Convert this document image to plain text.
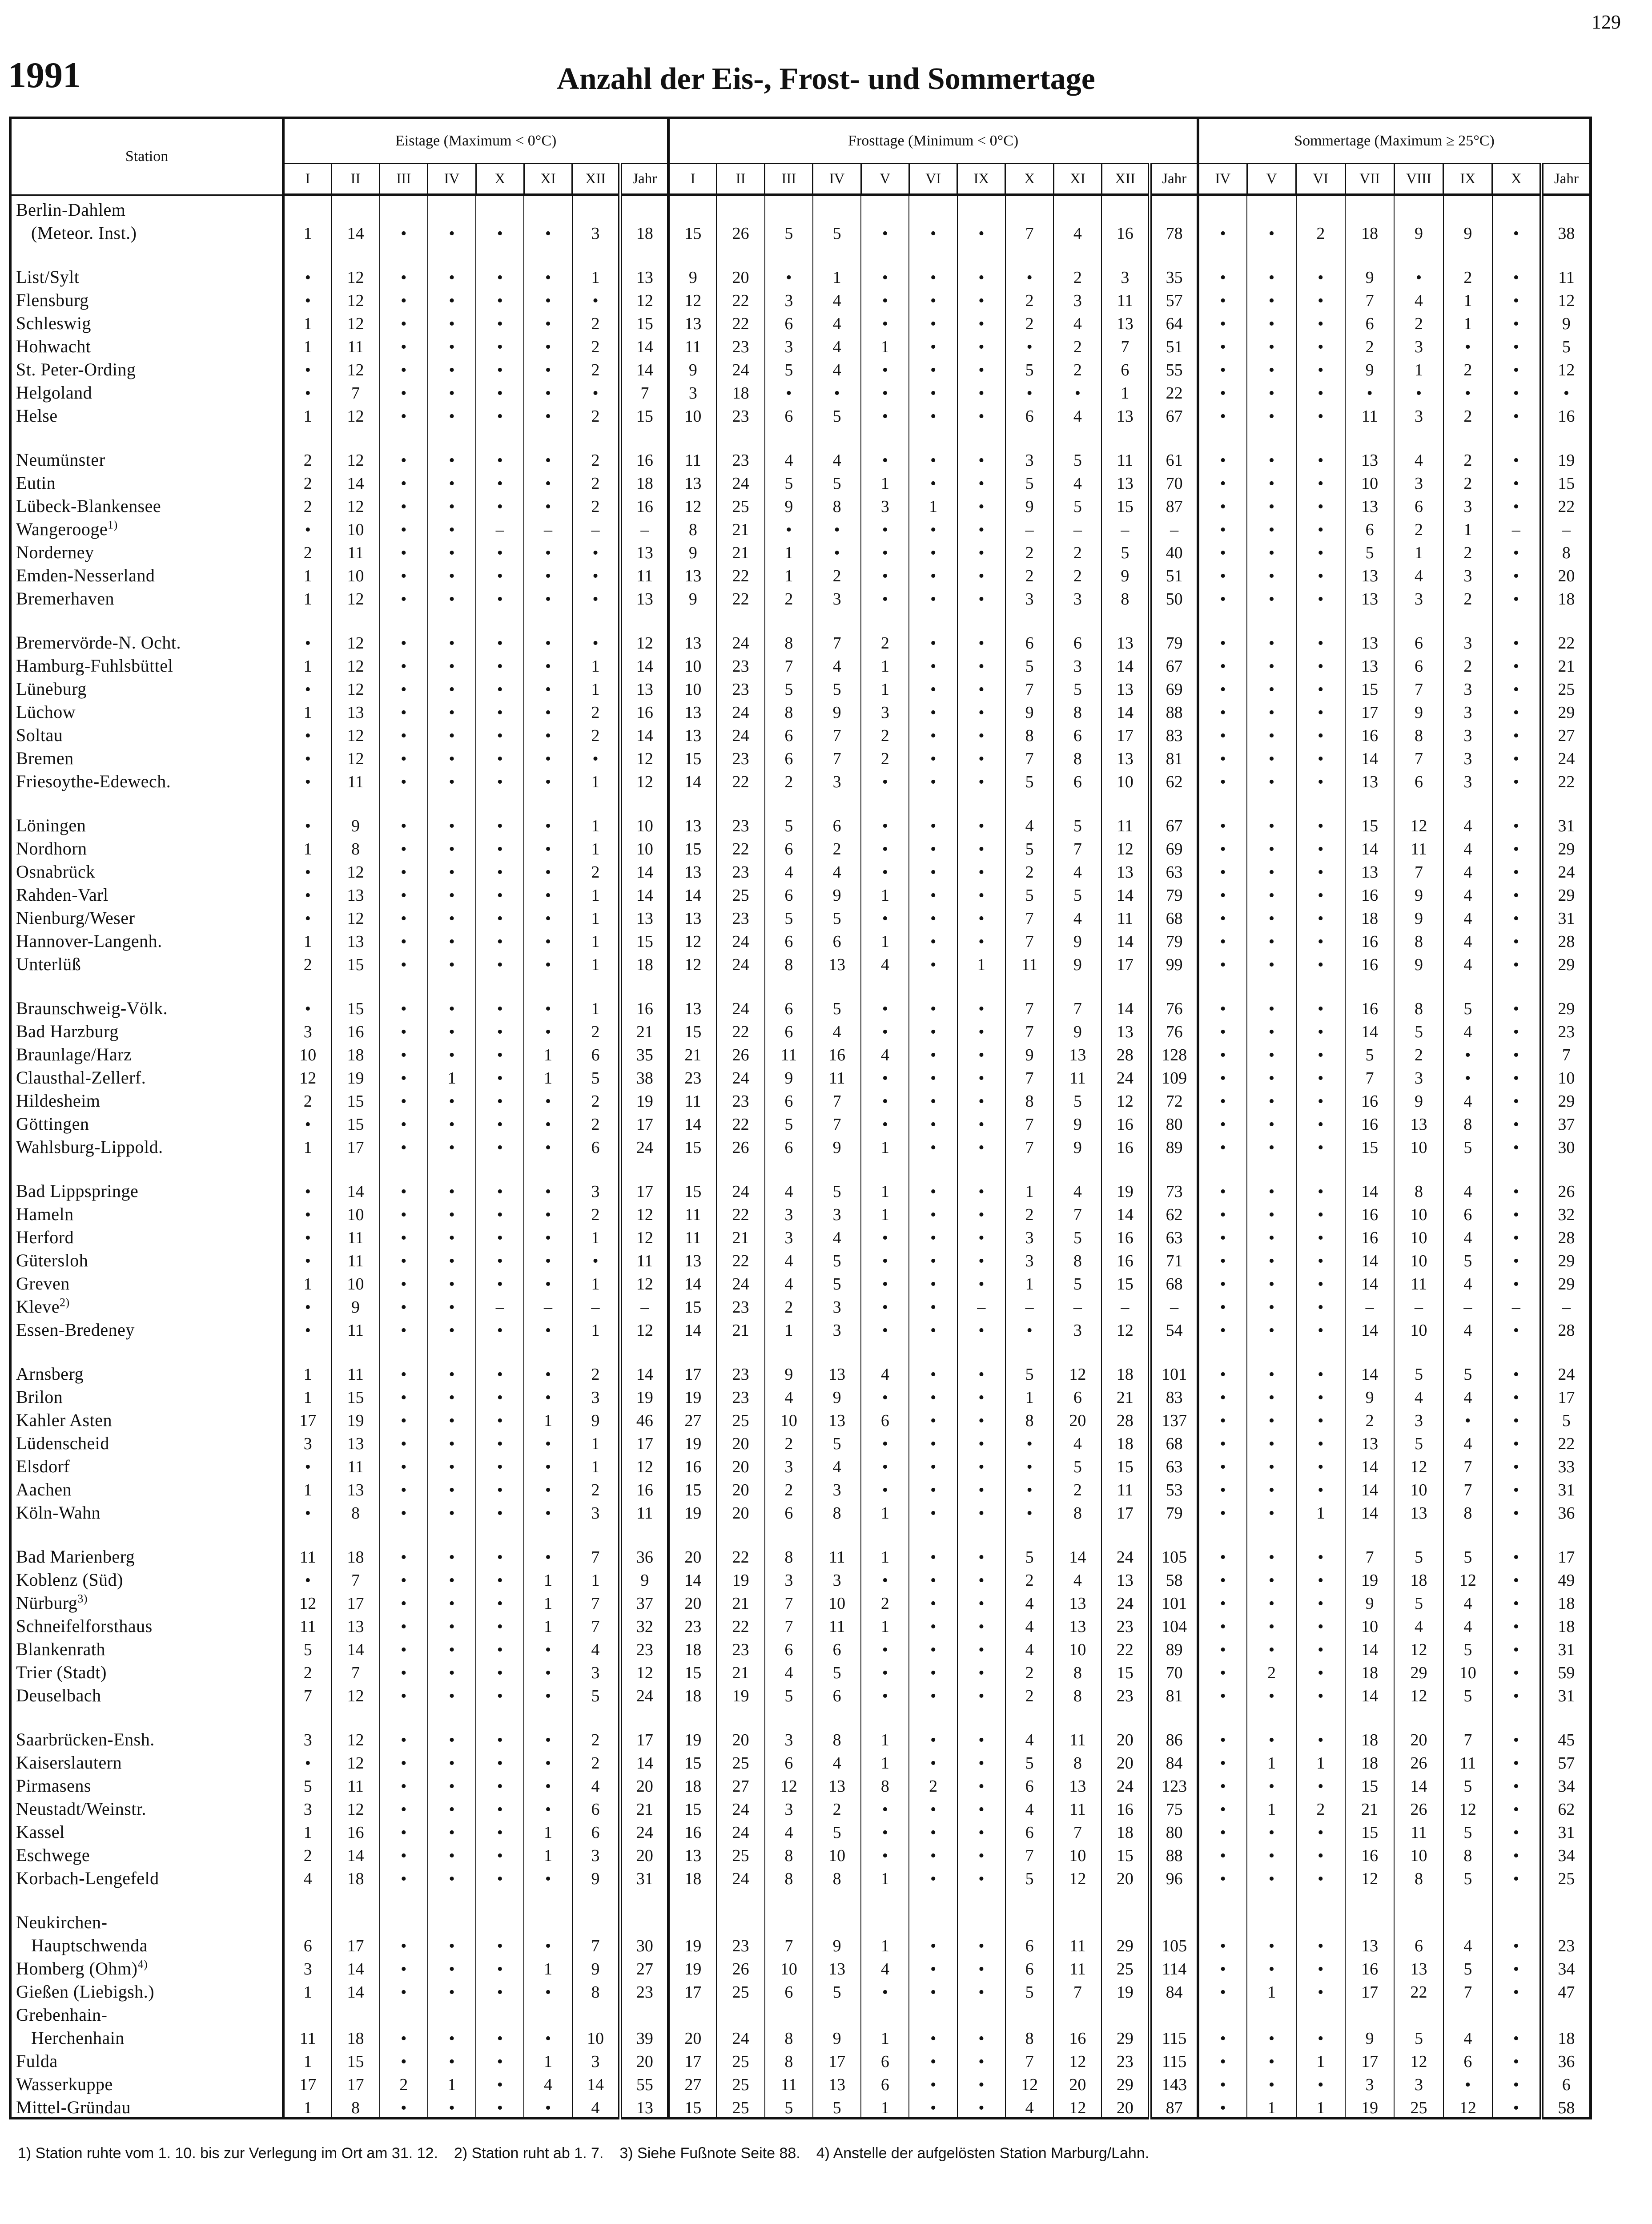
129
1991	Anzahl der Eis-, Frost- und Sommertage
Station	Eistage (Maximum < 0°C)								Frosttage (Minimum < 0°C)											Sommertage (Maximum ≥ 25°C)							
	I	II	III	IV	X	XI	XII	Jahr	I	II	III	IV	V	VI	IX	X	XI	XII	Jahr	IV	V	VI	VII	VIII	IX	X	Jahr
Berlin-Dahlem																											
(Meteor. Inst.)	1	14	•	•	•	•	3	18	15	26	5	5	•	•	•	7	4	16	78	•	•	2	18	9	9	•	38

List/Sylt	•	12	•	•	•	•	1	13	9	20	•	1	•	•	•	•	2	3	35	•	•	•	9	•	2	•	11
Flensburg	•	12	•	•	•	•	•	12	12	22	3	4	•	•	•	2	3	11	57	•	•	•	7	4	1	•	12
Schleswig	1	12	•	•	•	•	2	15	13	22	6	4	•	•	•	2	4	13	64	•	•	•	6	2	1	•	9
Hohwacht	1	11	•	•	•	•	2	14	11	23	3	4	1	•	•	•	2	7	51	•	•	•	2	3	•	•	5
St. Peter-Ording	•	12	•	•	•	•	2	14	9	24	5	4	•	•	•	5	2	6	55	•	•	•	9	1	2	•	12
Helgoland	•	7	•	•	•	•	•	7	3	18	•	•	•	•	•	•	•	1	22	•	•	•	•	•	•	•	•
Helse	1	12	•	•	•	•	2	15	10	23	6	5	•	•	•	6	4	13	67	•	•	•	11	3	2	•	16

Neumünster	2	12	•	•	•	•	2	16	11	23	4	4	•	•	•	3	5	11	61	•	•	•	13	4	2	•	19
Eutin	2	14	•	•	•	•	2	18	13	24	5	5	1	•	•	5	4	13	70	•	•	•	10	3	2	•	15
Lübeck-Blankensee	2	12	•	•	•	•	2	16	12	25	9	8	3	1	•	9	5	15	87	•	•	•	13	6	3	•	22
Wangerooge$^{1)}$	•	10	•	•	–	–	–	–	8	21	•	•	•	•	•	–	–	–	–	•	•	•	6	2	1	–	–
Norderney	2	11	•	•	•	•	•	13	9	21	1	•	•	•	•	2	2	5	40	•	•	•	5	1	2	•	8
Emden-Nesserland	1	10	•	•	•	•	•	11	13	22	1	2	•	•	•	2	2	9	51	•	•	•	13	4	3	•	20
Bremerhaven	1	12	•	•	•	•	•	13	9	22	2	3	•	•	•	3	3	8	50	•	•	•	13	3	2	•	18

Bremervörde-N. Ocht.	•	12	•	•	•	•	•	12	13	24	8	7	2	•	•	6	6	13	79	•	•	•	13	6	3	•	22
Hamburg-Fuhlsbüttel	1	12	•	•	•	•	1	14	10	23	7	4	1	•	•	5	3	14	67	•	•	•	13	6	2	•	21
Lüneburg	•	12	•	•	•	•	1	13	10	23	5	5	1	•	•	7	5	13	69	•	•	•	15	7	3	•	25
Lüchow	1	13	•	•	•	•	2	16	13	24	8	9	3	•	•	9	8	14	88	•	•	•	17	9	3	•	29
Soltau	•	12	•	•	•	•	2	14	13	24	6	7	2	•	•	8	6	17	83	•	•	•	16	8	3	•	27
Bremen	•	12	•	•	•	•	•	12	15	23	6	7	2	•	•	7	8	13	81	•	•	•	14	7	3	•	24
Friesoythe-Edewech.	•	11	•	•	•	•	1	12	14	22	2	3	•	•	•	5	6	10	62	•	•	•	13	6	3	•	22

Löningen	•	9	•	•	•	•	1	10	13	23	5	6	•	•	•	4	5	11	67	•	•	•	15	12	4	•	31
Nordhorn	1	8	•	•	•	•	1	10	15	22	6	2	•	•	•	5	7	12	69	•	•	•	14	11	4	•	29
Osnabrück	•	12	•	•	•	•	2	14	13	23	4	4	•	•	•	2	4	13	63	•	•	•	13	7	4	•	24
Rahden-Varl	•	13	•	•	•	•	1	14	14	25	6	9	1	•	•	5	5	14	79	•	•	•	16	9	4	•	29
Nienburg/Weser	•	12	•	•	•	•	1	13	13	23	5	5	•	•	•	7	4	11	68	•	•	•	18	9	4	•	31
Hannover-Langenh.	1	13	•	•	•	•	1	15	12	24	6	6	1	•	•	7	9	14	79	•	•	•	16	8	4	•	28
Unterlüß	2	15	•	•	•	•	1	18	12	24	8	13	4	•	1	11	9	17	99	•	•	•	16	9	4	•	29

Braunschweig-Völk.	•	15	•	•	•	•	1	16	13	24	6	5	•	•	•	7	7	14	76	•	•	•	16	8	5	•	29
Bad Harzburg	3	16	•	•	•	•	2	21	15	22	6	4	•	•	•	7	9	13	76	•	•	•	14	5	4	•	23
Braunlage/Harz	10	18	•	•	•	1	6	35	21	26	11	16	4	•	•	9	13	28	128	•	•	•	5	2	•	•	7
Clausthal-Zellerf.	12	19	•	1	•	1	5	38	23	24	9	11	•	•	•	7	11	24	109	•	•	•	7	3	•	•	10
Hildesheim	2	15	•	•	•	•	2	19	11	23	6	7	•	•	•	8	5	12	72	•	•	•	16	9	4	•	29
Göttingen	•	15	•	•	•	•	2	17	14	22	5	7	•	•	•	7	9	16	80	•	•	•	16	13	8	•	37
Wahlsburg-Lippold.	1	17	•	•	•	•	6	24	15	26	6	9	1	•	•	7	9	16	89	•	•	•	15	10	5	•	30

Bad Lippspringe	•	14	•	•	•	•	3	17	15	24	4	5	1	•	•	1	4	19	73	•	•	•	14	8	4	•	26
Hameln	•	10	•	•	•	•	2	12	11	22	3	3	1	•	•	2	7	14	62	•	•	•	16	10	6	•	32
Herford	•	11	•	•	•	•	1	12	11	21	3	4	•	•	•	3	5	16	63	•	•	•	16	10	4	•	28
Gütersloh	•	11	•	•	•	•	•	11	13	22	4	5	•	•	•	3	8	16	71	•	•	•	14	10	5	•	29
Greven	1	10	•	•	•	•	1	12	14	24	4	5	•	•	•	1	5	15	68	•	•	•	14	11	4	•	29
Kleve$^{2)}$	•	9	•	•	–	–	–	–	15	23	2	3	•	•	–	–	–	–	–	•	•	•	–	–	–	–	–
Essen-Bredeney	•	11	•	•	•	•	1	12	14	21	1	3	•	•	•	•	3	12	54	•	•	•	14	10	4	•	28

Arnsberg	1	11	•	•	•	•	2	14	17	23	9	13	4	•	•	5	12	18	101	•	•	•	14	5	5	•	24
Brilon	1	15	•	•	•	•	3	19	19	23	4	9	•	•	•	1	6	21	83	•	•	•	9	4	4	•	17
Kahler Asten	17	19	•	•	•	1	9	46	27	25	10	13	6	•	•	8	20	28	137	•	•	•	2	3	•	•	5
Lüdenscheid	3	13	•	•	•	•	1	17	19	20	2	5	•	•	•	•	4	18	68	•	•	•	13	5	4	•	22
Elsdorf	•	11	•	•	•	•	1	12	16	20	3	4	•	•	•	•	5	15	63	•	•	•	14	12	7	•	33
Aachen	1	13	•	•	•	•	2	16	15	20	2	3	•	•	•	•	2	11	53	•	•	•	14	10	7	•	31
Köln-Wahn	•	8	•	•	•	•	3	11	19	20	6	8	1	•	•	•	8	17	79	•	•	1	14	13	8	•	36

Bad Marienberg	11	18	•	•	•	•	7	36	20	22	8	11	1	•	•	5	14	24	105	•	•	•	7	5	5	•	17
Koblenz (Süd)	•	7	•	•	•	1	1	9	14	19	3	3	•	•	•	2	4	13	58	•	•	•	19	18	12	•	49
Nürburg$^{3)}$	12	17	•	•	•	1	7	37	20	21	7	10	2	•	•	4	13	24	101	•	•	•	9	5	4	•	18
Schneifelforsthaus	11	13	•	•	•	1	7	32	23	22	7	11	1	•	•	4	13	23	104	•	•	•	10	4	4	•	18
Blankenrath	5	14	•	•	•	•	4	23	18	23	6	6	•	•	•	4	10	22	89	•	•	•	14	12	5	•	31
Trier (Stadt)	2	7	•	•	•	•	3	12	15	21	4	5	•	•	•	2	8	15	70	•	2	•	18	29	10	•	59
Deuselbach	7	12	•	•	•	•	5	24	18	19	5	6	•	•	•	2	8	23	81	•	•	•	14	12	5	•	31

Saarbrücken-Ensh.	3	12	•	•	•	•	2	17	19	20	3	8	1	•	•	4	11	20	86	•	•	•	18	20	7	•	45
Kaiserslautern	•	12	•	•	•	•	2	14	15	25	6	4	1	•	•	5	8	20	84	•	1	1	18	26	11	•	57
Pirmasens	5	11	•	•	•	•	4	20	18	27	12	13	8	2	•	6	13	24	123	•	•	•	15	14	5	•	34
Neustadt/Weinstr.	3	12	•	•	•	•	6	21	15	24	3	2	•	•	•	4	11	16	75	•	1	2	21	26	12	•	62
Kassel	1	16	•	•	•	1	6	24	16	24	4	5	•	•	•	6	7	18	80	•	•	•	15	11	5	•	31
Eschwege	2	14	•	•	•	1	3	20	13	25	8	10	•	•	•	7	10	15	88	•	•	•	16	10	8	•	34
Korbach-Lengefeld	4	18	•	•	•	•	9	31	18	24	8	8	1	•	•	5	12	20	96	•	•	•	12	8	5	•	25

Neukirchen-																											
Hauptschwenda	6	17	•	•	•	•	7	30	19	23	7	9	1	•	•	6	11	29	105	•	•	•	13	6	4	•	23
Homberg (Ohm)$^{4)}$	3	14	•	•	•	1	9	27	19	26	10	13	4	•	•	6	11	25	114	•	•	•	16	13	5	•	34
Gießen (Liebigsh.)	1	14	•	•	•	•	8	23	17	25	6	5	•	•	•	5	7	19	84	•	1	•	17	22	7	•	47
Grebenhain-																											
Herchenhain	11	18	•	•	•	•	10	39	20	24	8	9	1	•	•	8	16	29	115	•	•	•	9	5	4	•	18
Fulda	1	15	•	•	•	1	3	20	17	25	8	17	6	•	•	7	12	23	115	•	•	1	17	12	6	•	36
Wasserkuppe	17	17	2	1	•	4	14	55	27	25	11	13	6	•	•	12	20	29	143	•	•	•	3	3	•	•	6
Mittel-Gründau	1	8	•	•	•	•	4	13	15	25	5	5	1	•	•	4	12	20	87	•	1	1	19	25	12	•	58
1) Station ruhte vom 1. 10. bis zur Verlegung im Ort am 31. 12. 2) Station ruht ab 1. 7. 3) Siehe Fußnote Seite 88. 4) Anstelle der aufgelösten Station Marburg/Lahn.
